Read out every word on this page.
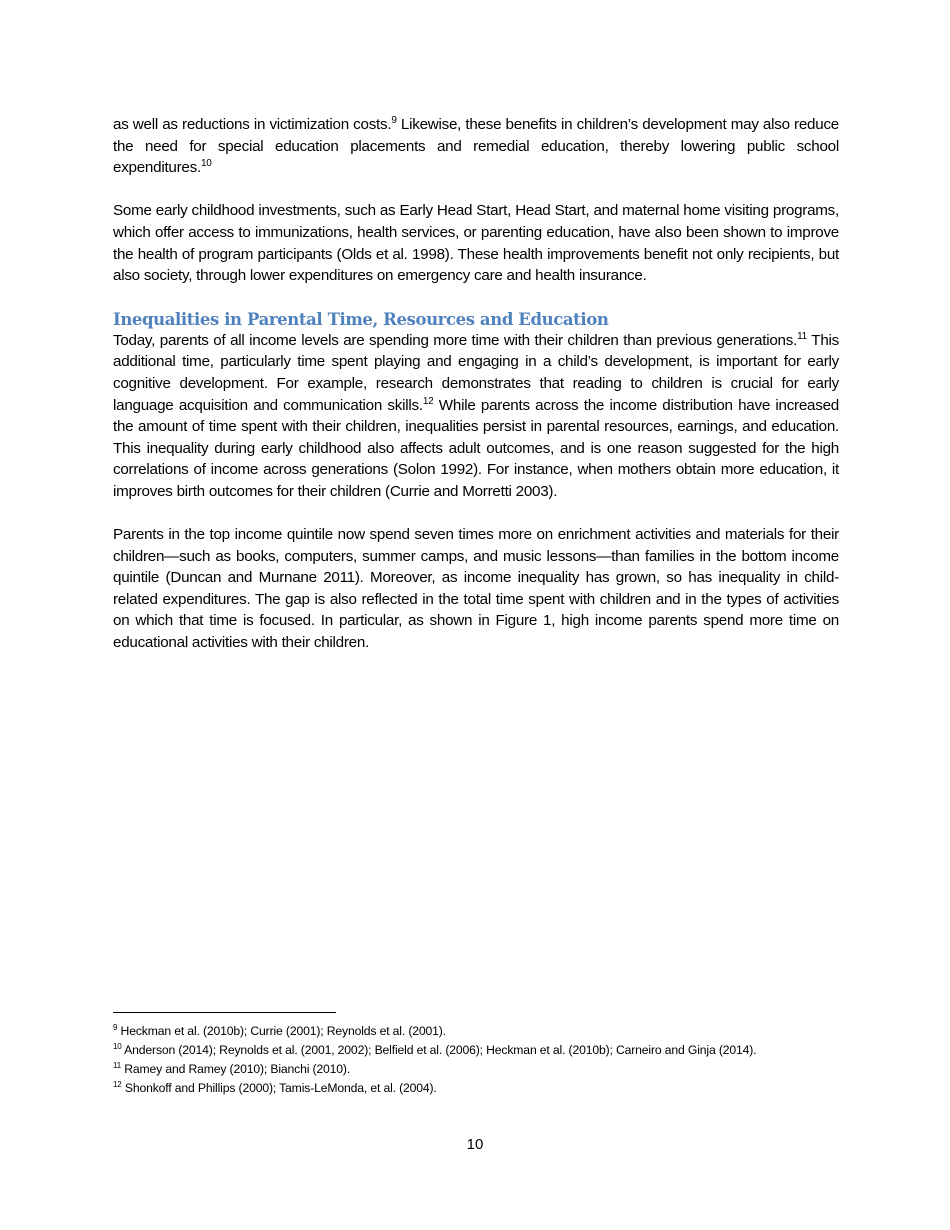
as well as reductions in victimization costs.$^9$ Likewise, these benefits in children’s development may also reduce the need for special education placements and remedial education, thereby lowering public school expenditures.$^{10}$

Some early childhood investments, such as Early Head Start, Head Start, and maternal home visiting programs, which offer access to immunizations, health services, or parenting education, have also been shown to improve the health of program participants (Olds et al. 1998). These health improvements benefit not only recipients, but also society, through lower expenditures on emergency care and health insurance.

Inequalities in Parental Time, Resources and Education

Today, parents of all income levels are spending more time with their children than previous generations.$^{11}$ This additional time, particularly time spent playing and engaging in a child’s development, is important for early cognitive development. For example, research demonstrates that reading to children is crucial for early language acquisition and communication skills.$^{12}$ While parents across the income distribution have increased the amount of time spent with their children, inequalities persist in parental resources, earnings, and education. This inequality during early childhood also affects adult outcomes, and is one reason suggested for the high correlations of income across generations (Solon 1992). For instance, when mothers obtain more education, it improves birth outcomes for their children (Currie and Morretti 2003).

Parents in the top income quintile now spend seven times more on enrichment activities and materials for their children—such as books, computers, summer camps, and music lessons—than families in the bottom income quintile (Duncan and Murnane 2011). Moreover, as income inequality has grown, so has inequality in child-related expenditures. The gap is also reflected in the total time spent with children and in the types of activities on which that time is focused. In particular, as shown in Figure 1, high income parents spend more time on educational activities with their children.

$^9$ Heckman et al. (2010b); Currie (2001); Reynolds et al. (2001).
$^{10}$ Anderson (2014); Reynolds et al. (2001, 2002); Belfield et al. (2006); Heckman et al. (2010b); Carneiro and Ginja (2014).
$^{11}$ Ramey and Ramey (2010); Bianchi (2010).
$^{12}$ Shonkoff and Phillips (2000); Tamis-LeMonda, et al. (2004).
10
